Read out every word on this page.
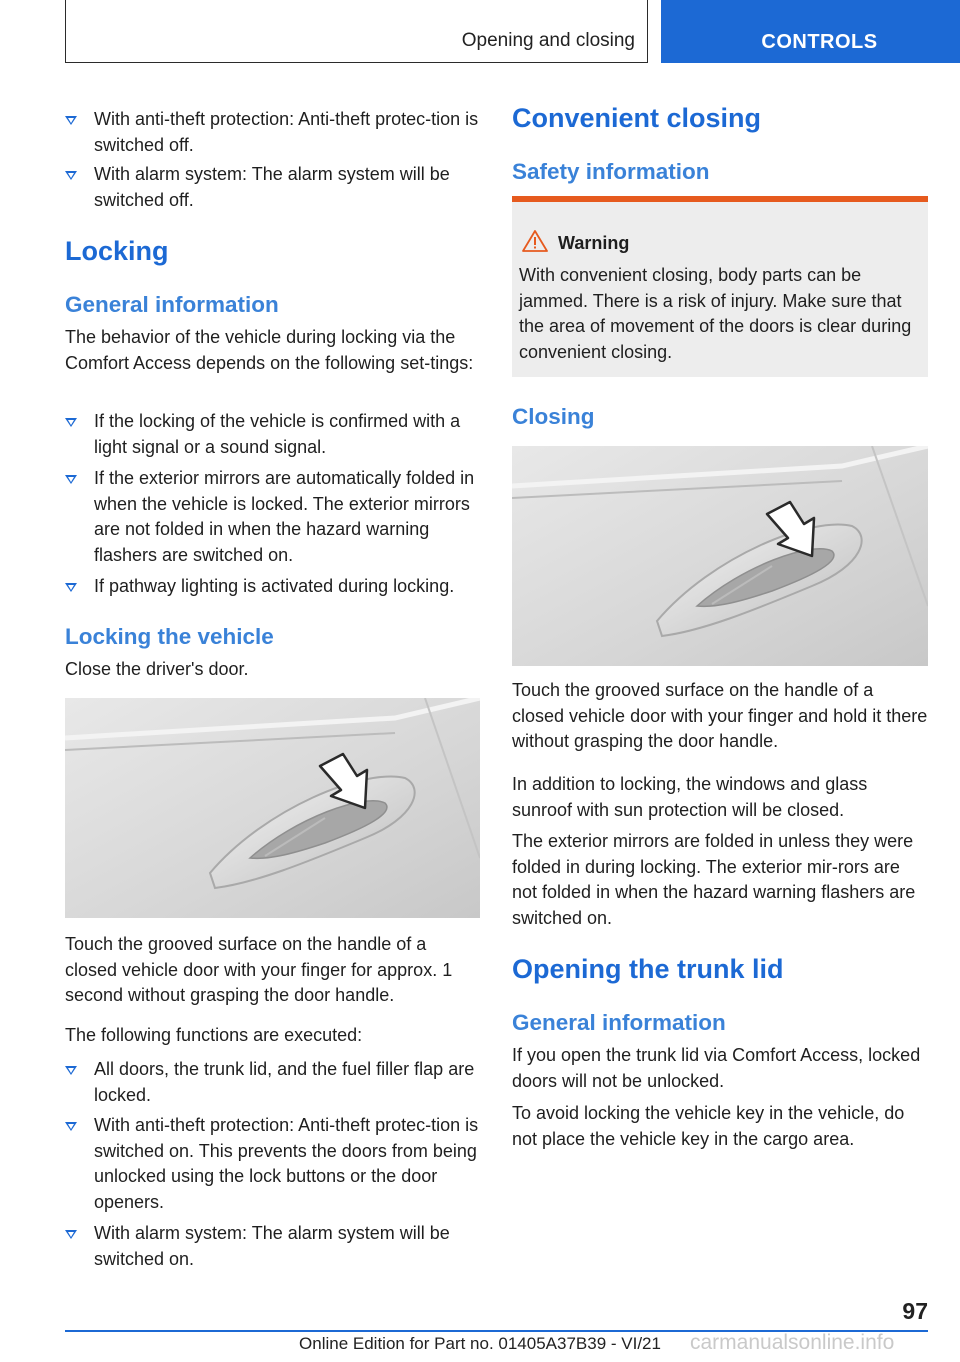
Opening and closing	CONTROLS
With anti-theft protection: Anti-theft protec-tion is switched off.
With alarm system: The alarm system will be switched off.
Locking
General information
The behavior of the vehicle during locking via the Comfort Access depends on the following set-tings:
If the locking of the vehicle is confirmed with a light signal or a sound signal.
If the exterior mirrors are automatically folded in when the vehicle is locked. The exterior mirrors are not folded in when the hazard warning flashers are switched on.
If pathway lighting is activated during locking.
Locking the vehicle
Close the driver's door.
Touch the grooved surface on the handle of a closed vehicle door with your finger for approx. 1 second without grasping the door handle.
The following functions are executed:
All doors, the trunk lid, and the fuel filler flap are locked.
With anti-theft protection: Anti-theft protec-tion is switched on. This prevents the doors from being unlocked using the lock buttons or the door openers.
With alarm system: The alarm system will be switched on.
Convenient closing
Safety information
Warning
With convenient closing, body parts can be jammed. There is a risk of injury. Make sure that the area of movement of the doors is clear during convenient closing.
Closing
Touch the grooved surface on the handle of a closed vehicle door with your finger and hold it there without grasping the door handle.
In addition to locking, the windows and glass sunroof with sun protection will be closed.
The exterior mirrors are folded in unless they were folded in during locking. The exterior mir-rors are not folded in when the hazard warning flashers are switched on.
Opening the trunk lid
General information
If you open the trunk lid via Comfort Access, locked doors will not be unlocked.
To avoid locking the vehicle key in the vehicle, do not place the vehicle key in the cargo area.
97
Online Edition for Part no. 01405A37B39 - VI/21	carmanualsonline.info
